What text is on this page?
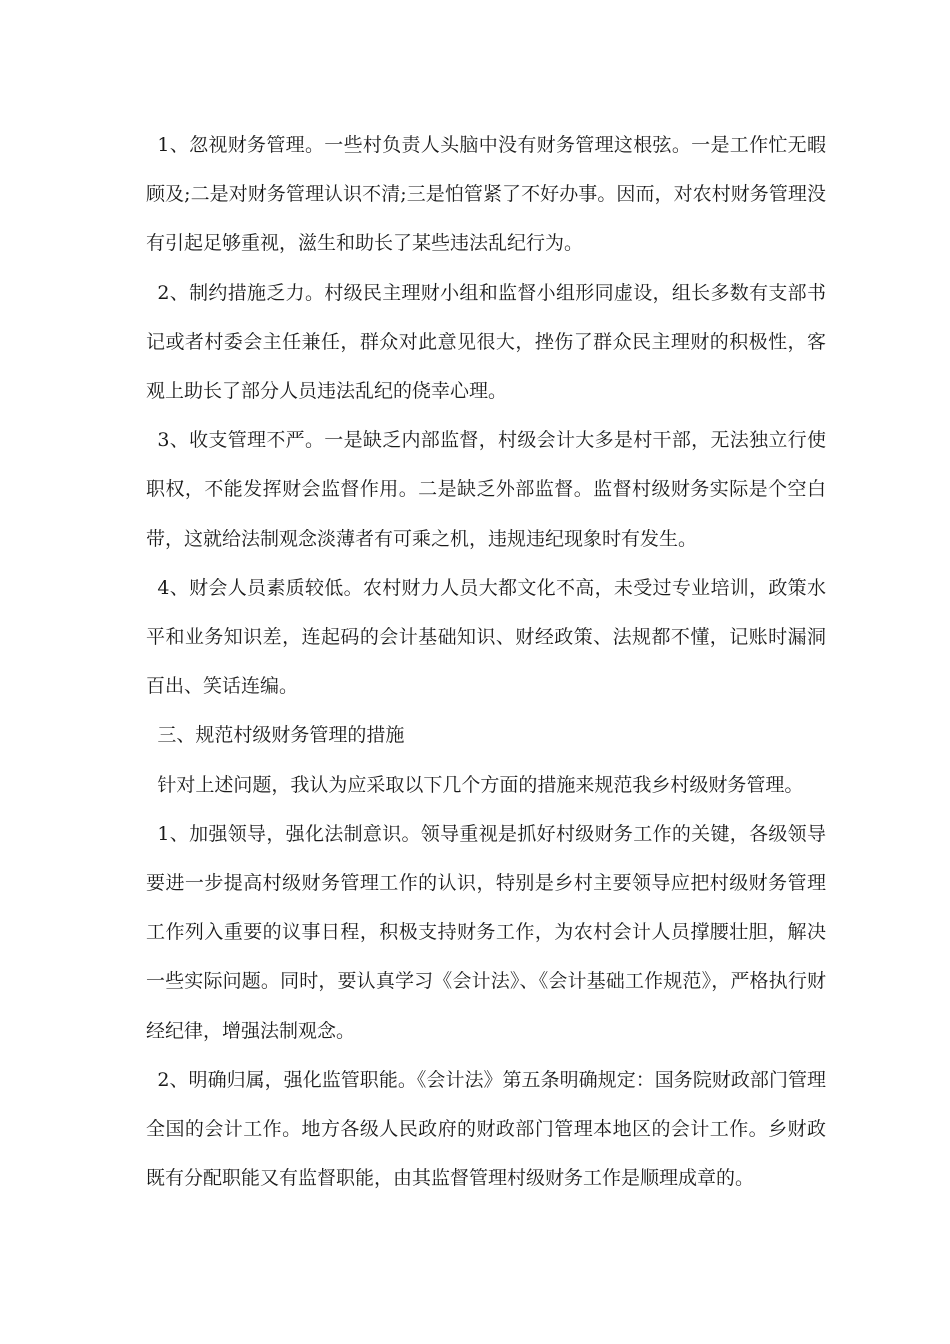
1、忽视财务管理。一些村负责人头脑中没有财务管理这根弦。一是工作忙无暇顾及;二是对财务管理认识不清;三是怕管紧了不好办事。因而，对农村财务管理没有引起足够重视，滋生和助长了某些违法乱纪行为。

2、制约措施乏力。村级民主理财小组和监督小组形同虚设，组长多数有支部书记或者村委会主任兼任，群众对此意见很大，挫伤了群众民主理财的积极性，客观上助长了部分人员违法乱纪的侥幸心理。

3、收支管理不严。一是缺乏内部监督，村级会计大多是村干部，无法独立行使职权，不能发挥财会监督作用。二是缺乏外部监督。监督村级财务实际是个空白带，这就给法制观念淡薄者有可乘之机，违规违纪现象时有发生。

4、财会人员素质较低。农村财力人员大都文化不高，未受过专业培训，政策水平和业务知识差，连起码的会计基础知识、财经政策、法规都不懂，记账时漏洞百出、笑话连编。

三、规范村级财务管理的措施

针对上述问题，我认为应采取以下几个方面的措施来规范我乡村级财务管理。

1、加强领导，强化法制意识。领导重视是抓好村级财务工作的关键，各级领导要进一步提高村级财务管理工作的认识，特别是乡村主要领导应把村级财务管理工作列入重要的议事日程，积极支持财务工作，为农村会计人员撑腰壮胆，解决一些实际问题。同时，要认真学习《会计法》、《会计基础工作规范》，严格执行财经纪律，增强法制观念。

2、明确归属，强化监管职能。《会计法》第五条明确规定：国务院财政部门管理全国的会计工作。地方各级人民政府的财政部门管理本地区的会计工作。乡财政既有分配职能又有监督职能，由其监督管理村级财务工作是顺理成章的。
